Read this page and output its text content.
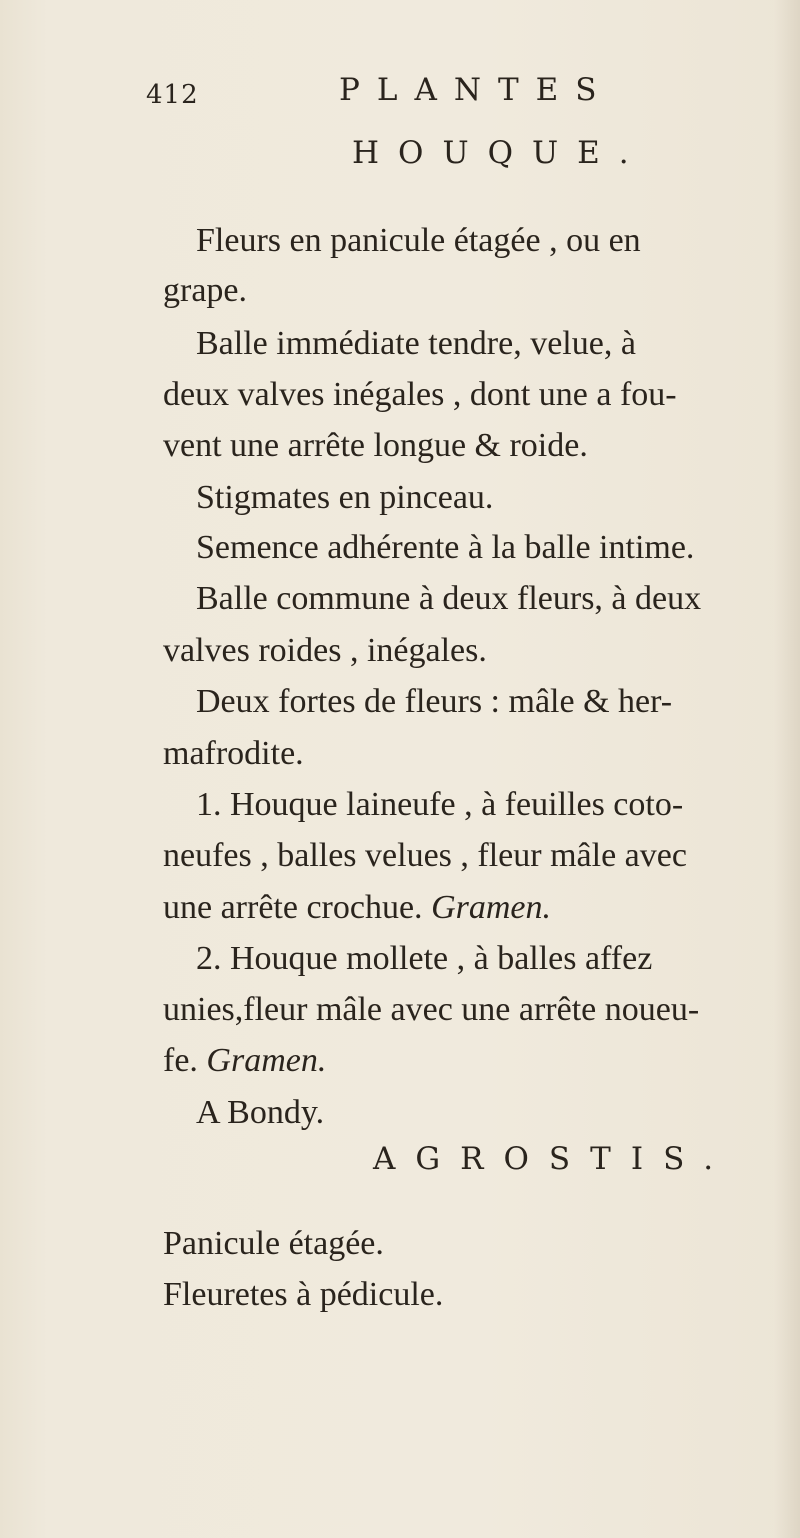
412	PLANTES
HOUQUE.
Fleurs en panicule étagée , ou en
grape.
Balle immédiate tendre, velue, à
deux valves inégales , dont une a fou-
vent une arrête longue & roide.
Stigmates en pinceau.
Semence adhérente à la balle intime.
Balle commune à deux fleurs, à deux
valves roides , inégales.
Deux fortes de fleurs : mâle & her-
mafrodite.
1. Houque laineufe , à feuilles coto-
neufes , balles velues , fleur mâle avec
une arrête crochue. Gramen.
2. Houque mollete , à balles affez
unies,fleur mâle avec une arrête noueu-
fe. Gramen.
A Bondy.
AGROSTIS.
Panicule étagée.
Fleuretes à pédicule.
